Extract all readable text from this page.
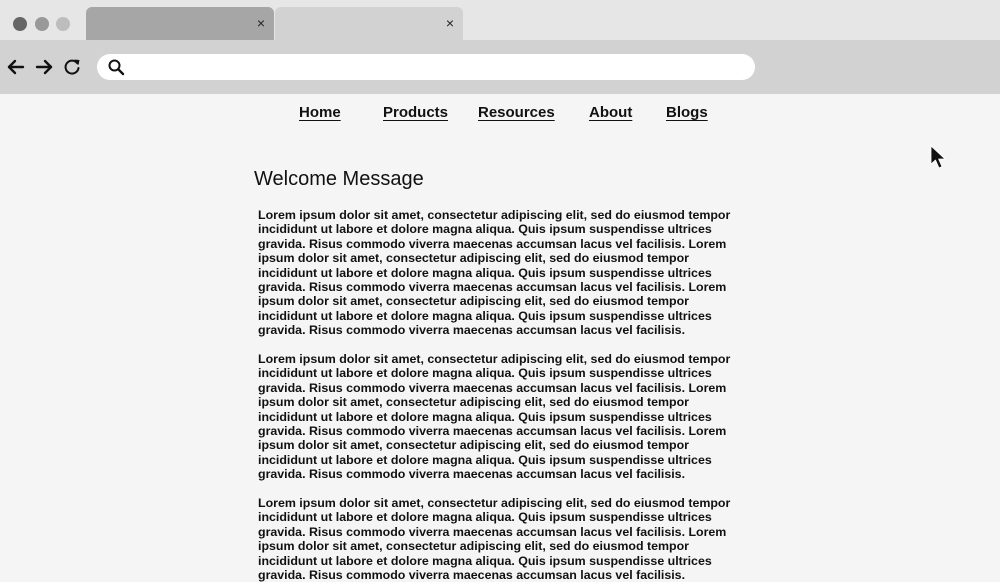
×	×
Home	Products Resources About Blogs
Welcome Message

Lorem ipsum dolor sit amet, consectetur adipiscing elit, sed do eiusmod tempor incididunt ut labore et dolore magna aliqua. Quis ipsum suspendisse ultrices gravida. Risus commodo viverra maecenas accumsan lacus vel facilisis. Lorem ipsum dolor sit amet, consectetur adipiscing elit, sed do eiusmod tempor incididunt ut labore et dolore magna aliqua. Quis ipsum suspendisse ultrices gravida. Risus commodo viverra maecenas accumsan lacus vel facilisis. Lorem ipsum dolor sit amet, consectetur adipiscing elit, sed do eiusmod tempor incididunt ut labore et dolore magna aliqua. Quis ipsum suspendisse ultrices gravida. Risus commodo viverra maecenas accumsan lacus vel facilisis.

Lorem ipsum dolor sit amet, consectetur adipiscing elit, sed do eiusmod tempor incididunt ut labore et dolore magna aliqua. Quis ipsum suspendisse ultrices gravida. Risus commodo viverra maecenas accumsan lacus vel facilisis. Lorem ipsum dolor sit amet, consectetur adipiscing elit, sed do eiusmod tempor incididunt ut labore et dolore magna aliqua. Quis ipsum suspendisse ultrices gravida. Risus commodo viverra maecenas accumsan lacus vel facilisis. Lorem ipsum dolor sit amet, consectetur adipiscing elit, sed do eiusmod tempor incididunt ut labore et dolore magna aliqua. Quis ipsum suspendisse ultrices gravida. Risus commodo viverra maecenas accumsan lacus vel facilisis.

Lorem ipsum dolor sit amet, consectetur adipiscing elit, sed do eiusmod tempor incididunt ut labore et dolore magna aliqua. Quis ipsum suspendisse ultrices gravida. Risus commodo viverra maecenas accumsan lacus vel facilisis. Lorem ipsum dolor sit amet, consectetur adipiscing elit, sed do eiusmod tempor incididunt ut labore et dolore magna aliqua. Quis ipsum suspendisse ultrices gravida. Risus commodo viverra maecenas accumsan lacus vel facilisis.
